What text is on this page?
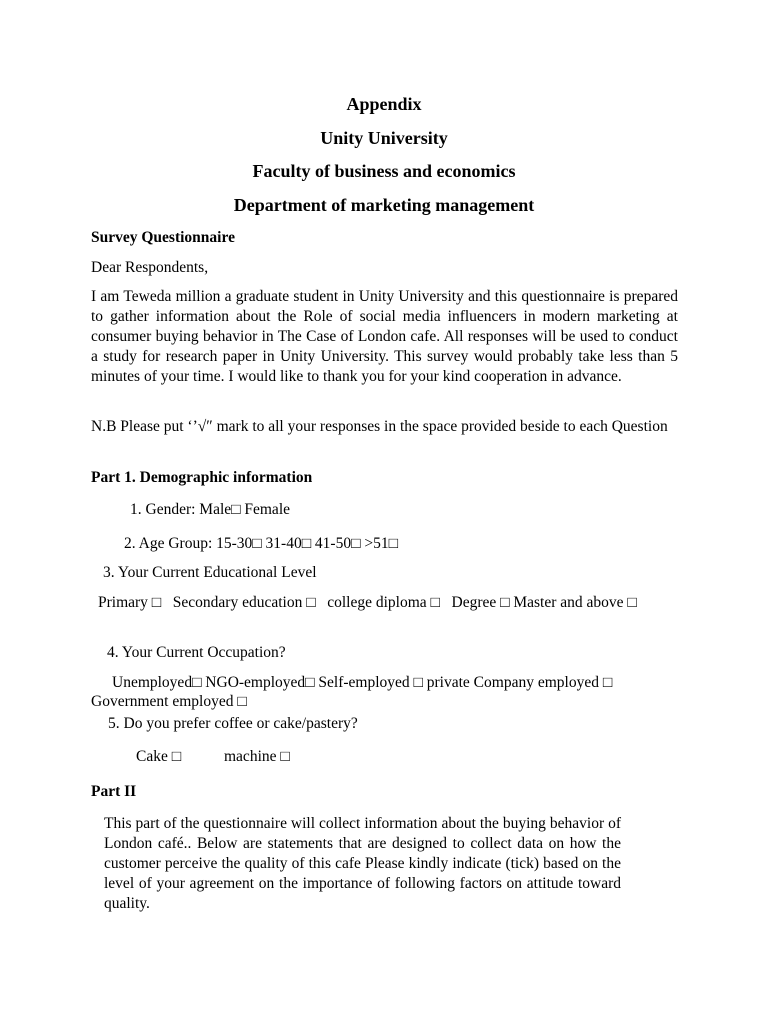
Appendix

Unity University

Faculty of business and economics

Department of marketing management

Survey Questionnaire

Dear Respondents,

I am Teweda million a graduate student in Unity University and this questionnaire is prepared to gather information about the Role of social media influencers in modern marketing at consumer buying behavior in The Case of London cafe. All responses will be used to conduct a study for research paper in Unity University. This survey would probably take less than 5 minutes of your time. I would like to thank you for your kind cooperation in advance.

N.B Please put ‘’√″ mark to all your responses in the space provided beside to each Question

Part 1. Demographic information

1. Gender: Male□ Female

2. Age Group: 15-30□ 31-40□ 41-50□ >51□

3. Your Current Educational Level

Primary □   Secondary education □   college diploma □   Degree □ Master and above □

4. Your Current Occupation?

Unemployed□ NGO-employed□ Self-employed □ private Company employed □

Government employed □

5. Do you prefer coffee or cake/pastery?

Cake □	machine □

Part II

This part of the questionnaire will collect information about the buying behavior of London café.. Below are statements that are designed to collect data on how the customer perceive the quality of this cafe Please kindly indicate (tick) based on the level of your agreement on the importance of following factors on attitude toward quality.
